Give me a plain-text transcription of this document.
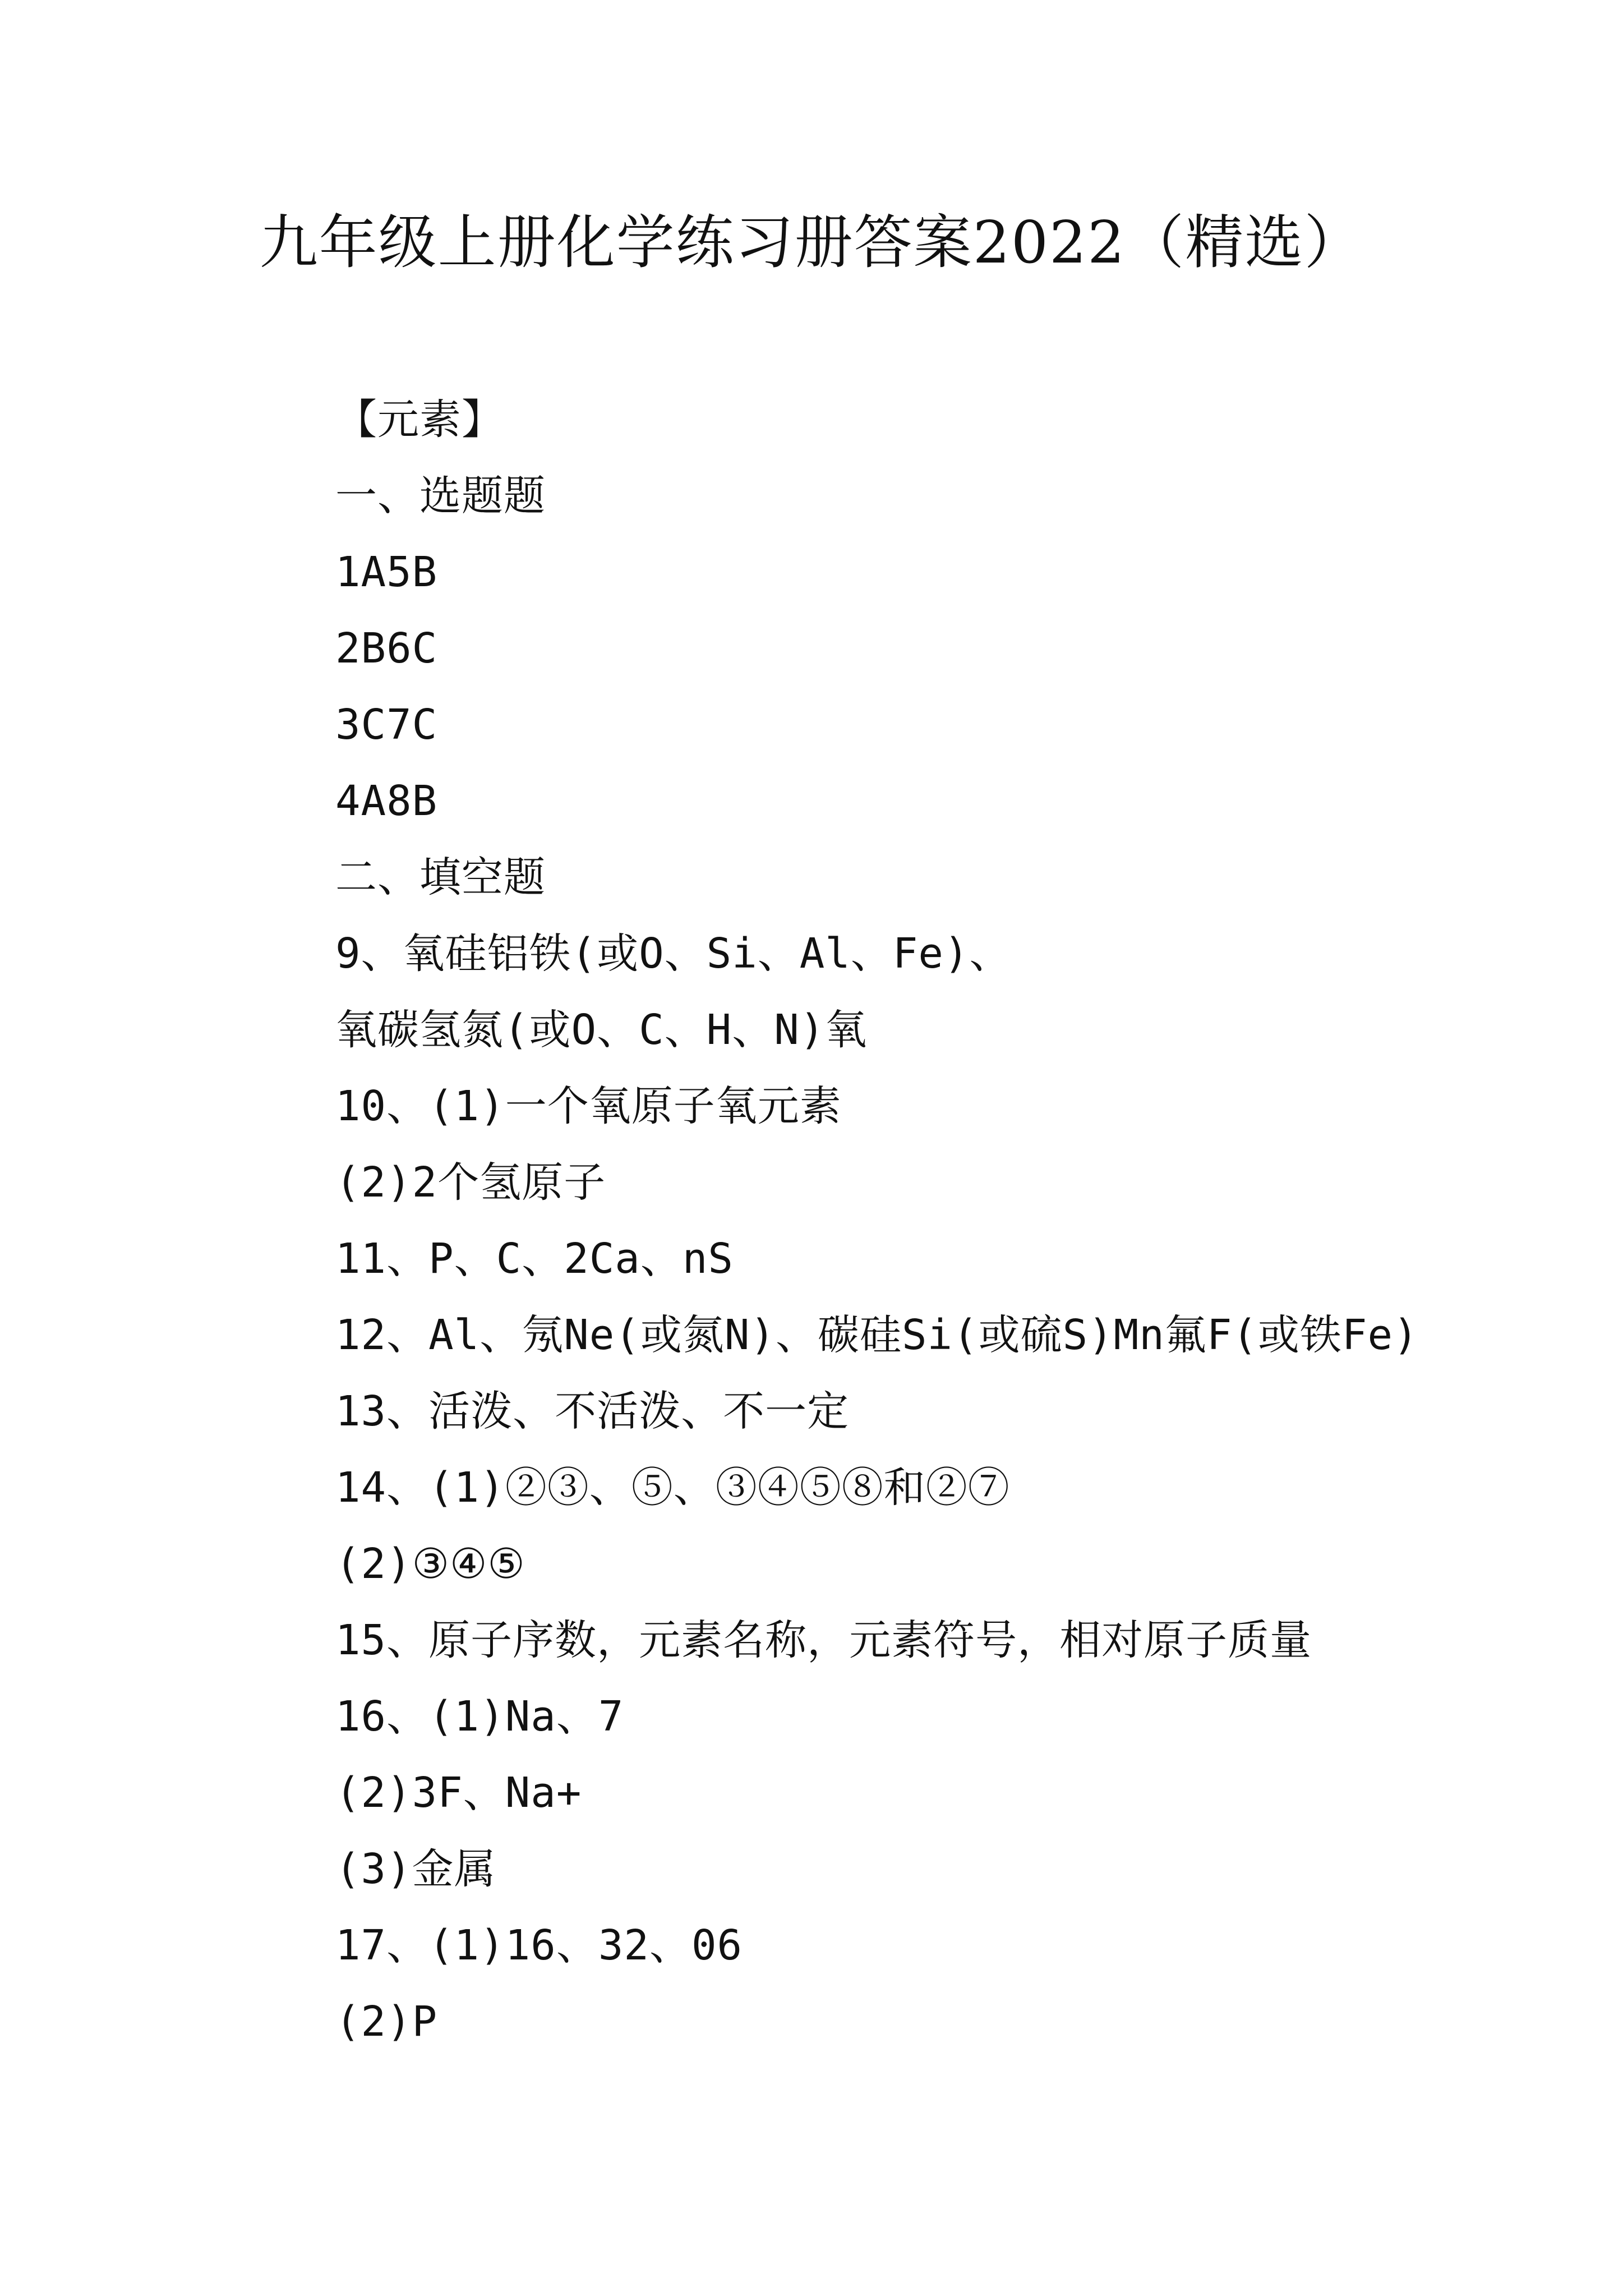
九年级上册化学练习册答案2022（精选）
【元素】
一、选题题
1A5B
2B6C
3C7C
4A8B
二、填空题
9、氧硅铝铁(或O、Si、Al、Fe)、
氧碳氢氮(或O、C、H、N)氧
10、(1)一个氧原子氧元素
(2)2个氢原子
11、P、C、2Ca、nS
12、Al、氖Ne(或氮N)、碳硅Si(或硫S)Mn氟F(或铁Fe)
13、活泼、不活泼、不一定
14、(1)②③、⑤、③④⑤⑧和②⑦
(2)③④⑤
15、原子序数，元素名称，元素符号，相对原子质量
16、(1)Na、7
(2)3F、Na+
(3)金属
17、(1)16、32、06
(2)P
